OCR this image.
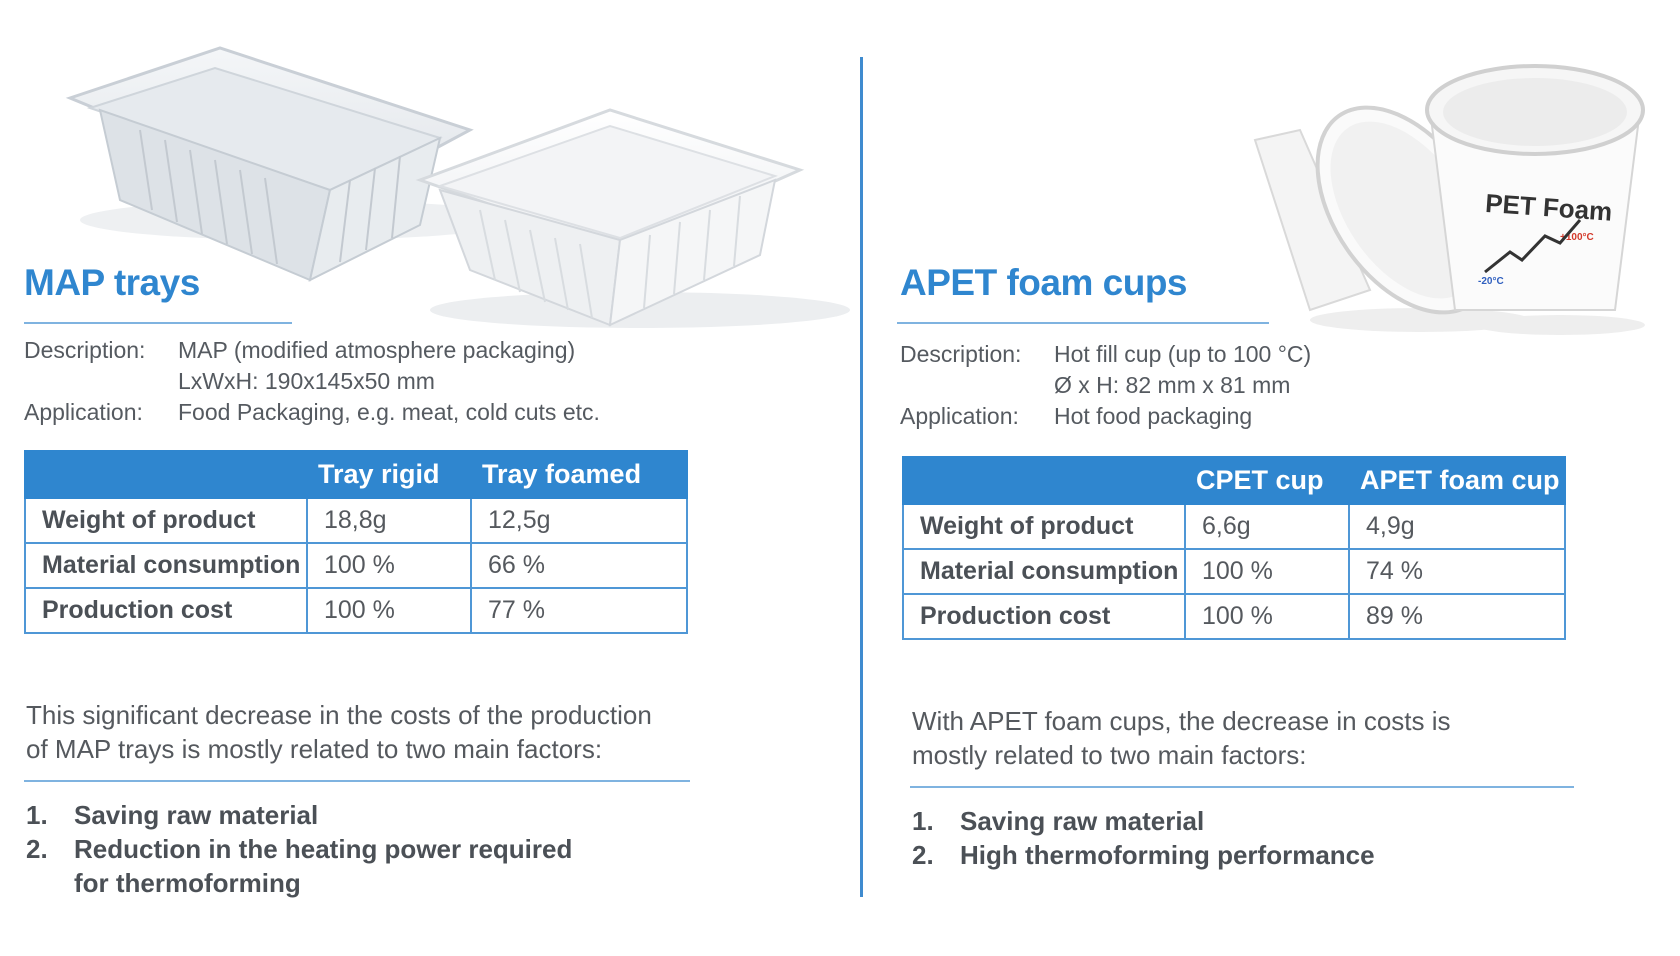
PET Foam
+100°C
-20°C
MAP trays
Description: MAP (modified atmosphere packaging)
LxWxH: 190x145x50 mm
Application: Food Packaging, e.g. meat, cold cuts etc.
	Tray rigid	Tray foamed
Weight of product	18,8g	12,5g
Material consumption	100 %	66 %
Production cost	100 %	77 %
This significant decrease in the costs of the production
of MAP trays is mostly related to two main factors:
1. Saving raw material
2. Reduction in the heating power required
for thermoforming
APET foam cups
Description: Hot fill cup (up to 100 °C)
Ø x H: 82 mm x 81 mm
Application: Hot food packaging
	CPET cup	APET foam cup
Weight of product	6,6g	4,9g
Material consumption	100 %	74 %
Production cost	100 %	89 %
With APET foam cups, the decrease in costs is
mostly related to two main factors:
1. Saving raw material
2. High thermoforming performance
